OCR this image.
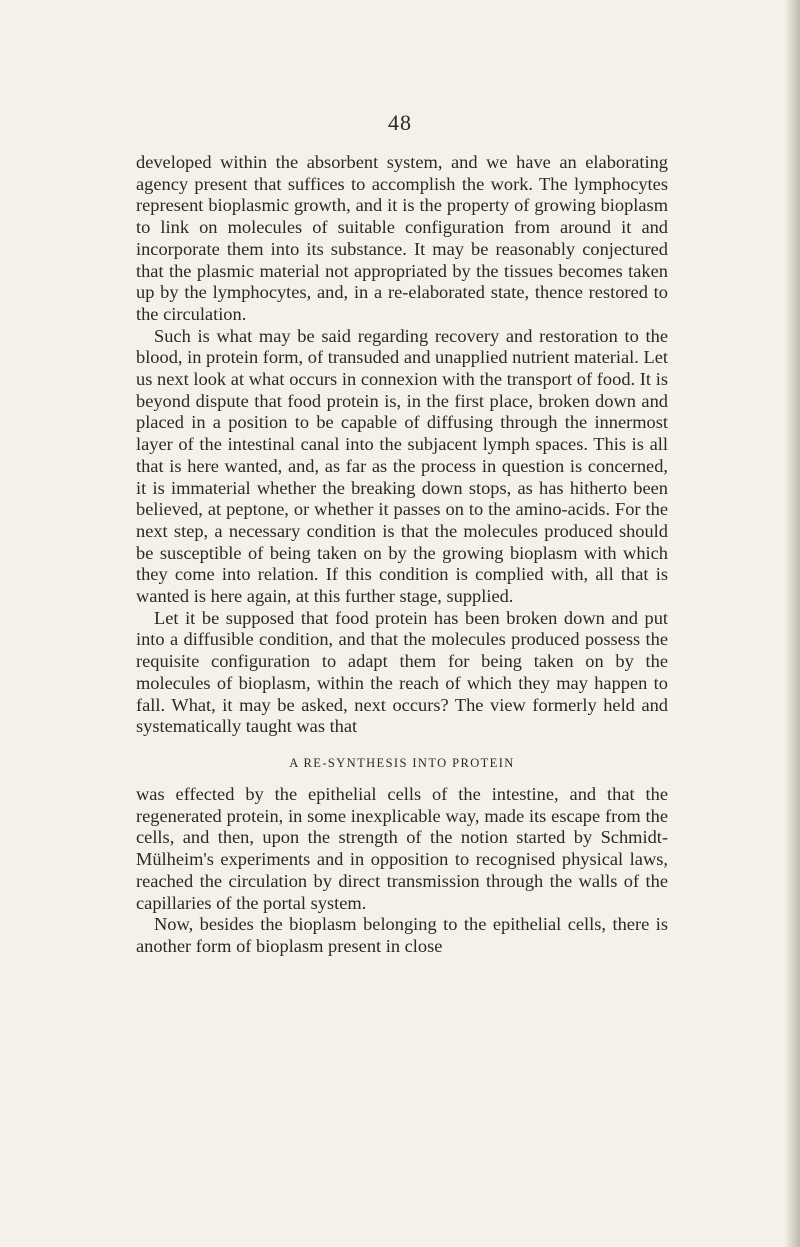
48

developed within the absorbent system, and we have an elaborating agency present that suffices to accomplish the work. The lymphocytes represent bioplasmic growth, and it is the property of growing bioplasm to link on molecules of suitable configuration from around it and incorporate them into its substance. It may be reasonably conjectured that the plasmic material not appropriated by the tissues becomes taken up by the lymphocytes, and, in a re-elaborated state, thence restored to the circulation.

Such is what may be said regarding recovery and restoration to the blood, in protein form, of transuded and unapplied nutrient material. Let us next look at what occurs in connexion with the transport of food. It is beyond dispute that food protein is, in the first place, broken down and placed in a position to be capable of diffusing through the innermost layer of the intestinal canal into the subjacent lymph spaces. This is all that is here wanted, and, as far as the process in question is concerned, it is immaterial whether the breaking down stops, as has hitherto been believed, at peptone, or whether it passes on to the amino-acids. For the next step, a necessary condition is that the molecules produced should be susceptible of being taken on by the growing bioplasm with which they come into relation. If this condition is complied with, all that is wanted is here again, at this further stage, supplied.

Let it be supposed that food protein has been broken down and put into a diffusible condition, and that the molecules produced possess the requisite configuration to adapt them for being taken on by the molecules of bioplasm, within the reach of which they may happen to fall. What, it may be asked, next occurs? The view formerly held and systematically taught was that

A RE-SYNTHESIS INTO PROTEIN

was effected by the epithelial cells of the intestine, and that the regenerated protein, in some inexplicable way, made its escape from the cells, and then, upon the strength of the notion started by Schmidt-Mülheim's experiments and in opposition to recognised physical laws, reached the circulation by direct transmission through the walls of the capillaries of the portal system.

Now, besides the bioplasm belonging to the epithelial cells, there is another form of bioplasm present in close
